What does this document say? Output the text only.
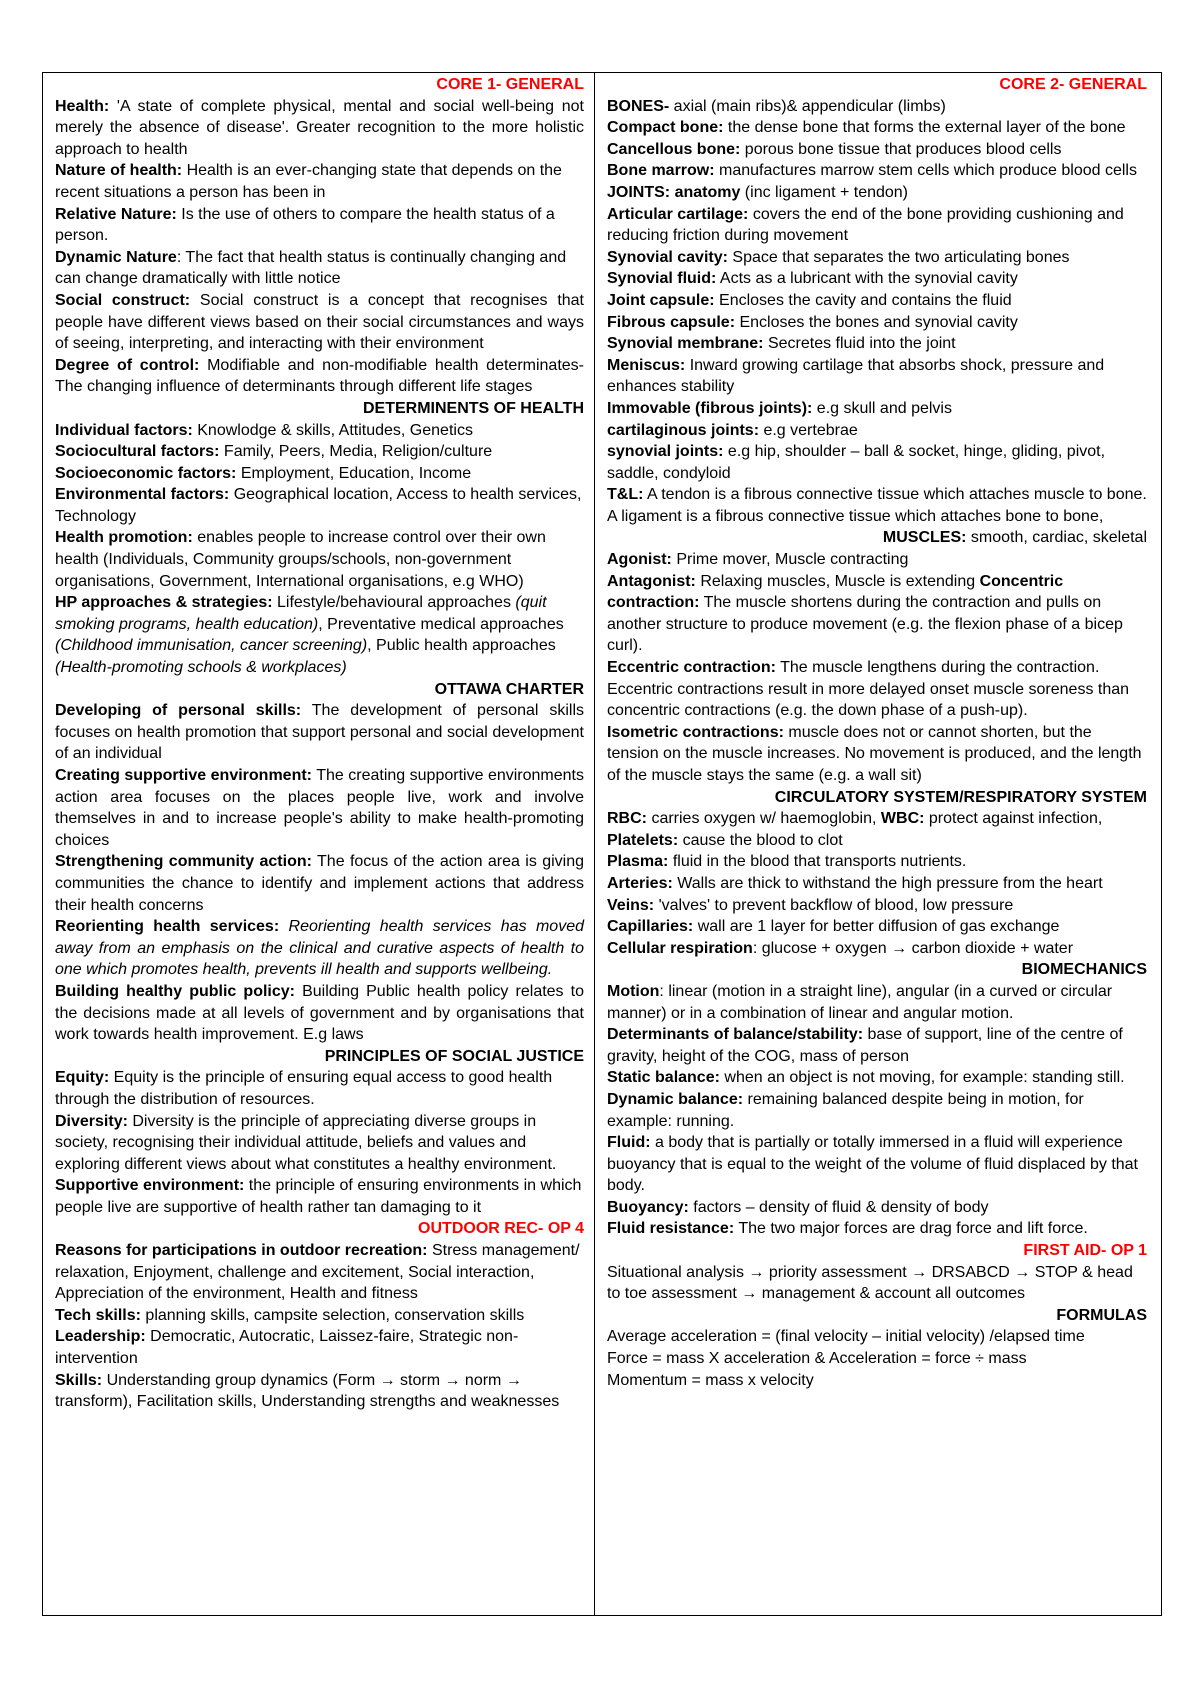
CORE 1- GENERAL

Health: 'A state of complete physical, mental and social well-being not merely the absence of disease'. Greater recognition to the more holistic approach to health

Nature of health: Health is an ever-changing state that depends on the recent situations a person has been in

Relative Nature: Is the use of others to compare the health status of a person.

Dynamic Nature: The fact that health status is continually changing and can change dramatically with little notice

Social construct: Social construct is a concept that recognises that people have different views based on their social circumstances and ways of seeing, interpreting, and interacting with their environment

Degree of control: Modifiable and non-modifiable health determinates- The changing influence of determinants through different life stages

DETERMINENTS OF HEALTH

Individual factors: Knowlodge & skills, Attitudes, Genetics

Sociocultural factors: Family, Peers, Media, Religion/culture

Socioeconomic factors: Employment, Education, Income

Environmental factors: Geographical location, Access to health services, Technology

Health promotion: enables people to increase control over their own health (Individuals, Community groups/schools, non-government organisations, Government, International organisations, e.g WHO)

HP approaches & strategies: Lifestyle/behavioural approaches (quit smoking programs, health education), Preventative medical approaches (Childhood immunisation, cancer screening), Public health approaches (Health-promoting schools & workplaces)

OTTAWA CHARTER

Developing of personal skills: The development of personal skills focuses on health promotion that support personal and social development of an individual

Creating supportive environment: The creating supportive environments action area focuses on the places people live, work and involve themselves in and to increase people's ability to make health-promoting choices

Strengthening community action: The focus of the action area is giving communities the chance to identify and implement actions that address their health concerns

Reorienting health services: Reorienting health services has moved away from an emphasis on the clinical and curative aspects of health to one which promotes health, prevents ill health and supports wellbeing.

Building healthy public policy: Building Public health policy relates to the decisions made at all levels of government and by organisations that work towards health improvement. E.g laws

PRINCIPLES OF SOCIAL JUSTICE

Equity: Equity is the principle of ensuring equal access to good health through the distribution of resources.

Diversity: Diversity is the principle of appreciating diverse groups in society, recognising their individual attitude, beliefs and values and exploring different views about what constitutes a healthy environment.

Supportive environment: the principle of ensuring environments in which people live are supportive of health rather tan damaging to it

OUTDOOR REC- OP 4

Reasons for participations in outdoor recreation: Stress management/ relaxation, Enjoyment, challenge and excitement, Social interaction, Appreciation of the environment, Health and fitness

Tech skills: planning skills, campsite selection, conservation skills

Leadership: Democratic, Autocratic, Laissez-faire, Strategic non-intervention

Skills: Understanding group dynamics (Form → storm → norm → transform), Facilitation skills, Understanding strengths and weaknesses

CORE 2- GENERAL

BONES- axial (main ribs)& appendicular (limbs)

Compact bone: the dense bone that forms the external layer of the bone

Cancellous bone: porous bone tissue that produces blood cells

Bone marrow: manufactures marrow stem cells which produce blood cells

JOINTS: anatomy (inc ligament + tendon)

Articular cartilage: covers the end of the bone providing cushioning and reducing friction during movement

Synovial cavity: Space that separates the two articulating bones

Synovial fluid: Acts as a lubricant with the synovial cavity

Joint capsule: Encloses the cavity and contains the fluid

Fibrous capsule: Encloses the bones and synovial cavity

Synovial membrane: Secretes fluid into the joint

Meniscus: Inward growing cartilage that absorbs shock, pressure and enhances stability

Immovable (fibrous joints): e.g skull and pelvis

cartilaginous joints: e.g vertebrae

synovial joints: e.g hip, shoulder – ball & socket, hinge, gliding, pivot, saddle, condyloid

T&L: A tendon is a fibrous connective tissue which attaches muscle to bone. A ligament is a fibrous connective tissue which attaches bone to bone,

MUSCLES: smooth, cardiac, skeletal

Agonist: Prime mover, Muscle contracting

Antagonist: Relaxing muscles, Muscle is extending Concentric contraction: The muscle shortens during the contraction and pulls on another structure to produce movement (e.g. the flexion phase of a bicep curl).

Eccentric contraction: The muscle lengthens during the contraction. Eccentric contractions result in more delayed onset muscle soreness than concentric contractions (e.g. the down phase of a push-up).

Isometric contractions: muscle does not or cannot shorten, but the tension on the muscle increases. No movement is produced, and the length of the muscle stays the same (e.g. a wall sit)

CIRCULATORY SYSTEM/RESPIRATORY SYSTEM

RBC: carries oxygen w/ haemoglobin, WBC: protect against infection, Platelets: cause the blood to clot

Plasma: fluid in the blood that transports nutrients.

Arteries: Walls are thick to withstand the high pressure from the heart

Veins: 'valves' to prevent backflow of blood, low pressure

Capillaries: wall are 1 layer for better diffusion of gas exchange

Cellular respiration: glucose + oxygen → carbon dioxide + water

BIOMECHANICS

Motion: linear (motion in a straight line), angular (in a curved or circular manner) or in a combination of linear and angular motion.

Determinants of balance/stability: base of support, line of the centre of gravity, height of the COG, mass of person

Static balance: when an object is not moving, for example: standing still.

Dynamic balance: remaining balanced despite being in motion, for example: running.

Fluid: a body that is partially or totally immersed in a fluid will experience buoyancy that is equal to the weight of the volume of fluid displaced by that body.

Buoyancy: factors – density of fluid & density of body

Fluid resistance: The two major forces are drag force and lift force.

FIRST AID- OP 1

Situational analysis → priority assessment → DRSABCD → STOP & head to toe assessment → management & account all outcomes

FORMULAS

Average acceleration = (final velocity – initial velocity) /elapsed time

Force = mass X acceleration & Acceleration = force ÷ mass

Momentum = mass x velocity
